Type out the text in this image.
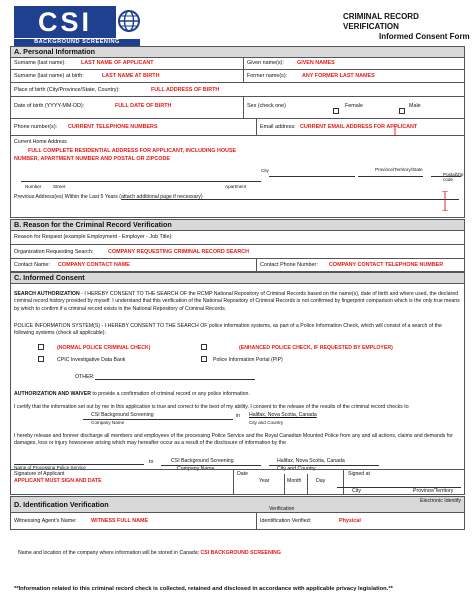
CSI
BACKGROUND SCREENING
CRIMINAL RECORD
VERIFICATION
Informed Consent Form
A. Personal Information
Surname (last name):	LAST NAME OF APPLICANT	Given name(s): GIVEN NAMES
Surname (last name) at birth:	LAST NAME AT BIRTH	Former name(s):	ANY FORMER LAST NAMES
Place of birth (City/Province/State, Country):	FULL ADDRESS OF BIRTH
Date of birth (YYYY-MM-DD):	FULL DATE OF BIRTH	Sex (check one)	Female	Male
Phone number(s): CURRENT TELEPHONE NUMBERS	Email address: CURRENT EMAIL ADDRESS FOR APPLICANT
Current Home Address
FULL COMPLETE RESIDENTIAL ADDRESS FOR APPLICANT, INCLUDING HOUSE NUMBER, APARTMENT NUMBER AND POSTAL OR ZIPCODE
City	Province/Territory/State
Postal/Zip code
Number	Street	Apartment
Previous Address(es) Within the Last 5 Years (attach additional page if necessary)
B. Reason for the Criminal Record Verification
Reason for Request (example Employment - Employer - Job Title):
Organization Requesting Search:	COMPANY REQUESTING CRIMINAL RECORD SEARCH
Contact Name: COMPANY CONTACT NAME	Contact Phone Number: COMPANY CONTACT TELEPHONE NUMBER
C. Informed Consent
SEARCH AUTHORIZATION - I HEREBY CONSENT TO THE SEARCH OF the RCMP National Repository of Criminal Records based on the name(s), date of birth and where used, the declared criminal record history provided by myself. I understand that this verification of the National Repository of Criminal Records is not confirmed by fingerprint comparison which is the only true means by which to confirm if a criminal record exists in the National Repository of Criminal Records.
POLICE INFORMATION SYSTEM(S) - I HEREBY CONSENT TO THE SEARCH OF police information systems, as part of a Police Information Check, which will consist of a search of the following systems (check all applicable):
(NORMAL POLICE CRIMINAL CHECK)	(ENHANCED POLICE CHECK, IF REQUESTED BY EMPLOYER)
CPIC Investigative Data Bank	Police Information Portal (PIP)
OTHER:
AUTHORIZATION AND WAIVER to provide a confirmation of criminal record or any police information.
I certify that the information set out by me in this application is true and correct to the best of my ability. I consent to the release of the results of the criminal record checks to
CSI Background Screening	in Halifax, Nova Scotia, Canada
Company Name	City and Country
I hereby release and forever discharge all members and employees of the processing Police Service and the Royal Canadian Mounted Police from any and all actions, claims and demands for damages, loss or injury howsoever arising which may hereafter occur as a result of the disclosure of information by the
Name of Processing Police Service
to	CSI Background Screening	Halifax, Nova Scotia, Canada
Company Name	City and Country
Signature of Applicant
APPLICANT MUST SIGN AND DATE
Date
Year	Month	Day
Signed at
City	Province/Territory
D. Identification Verification	Electronic Identify
Verification
Witnessing Agent's Name:	WITNESS FULL NAME	Identification Verified:	Physical
Name and location of the company where information will be stored in Canada: CSI BACKGROUND SCREENING
**Information related to this criminal record check is collected, retained and disclosed in accordance with applicable privacy legislation.**
